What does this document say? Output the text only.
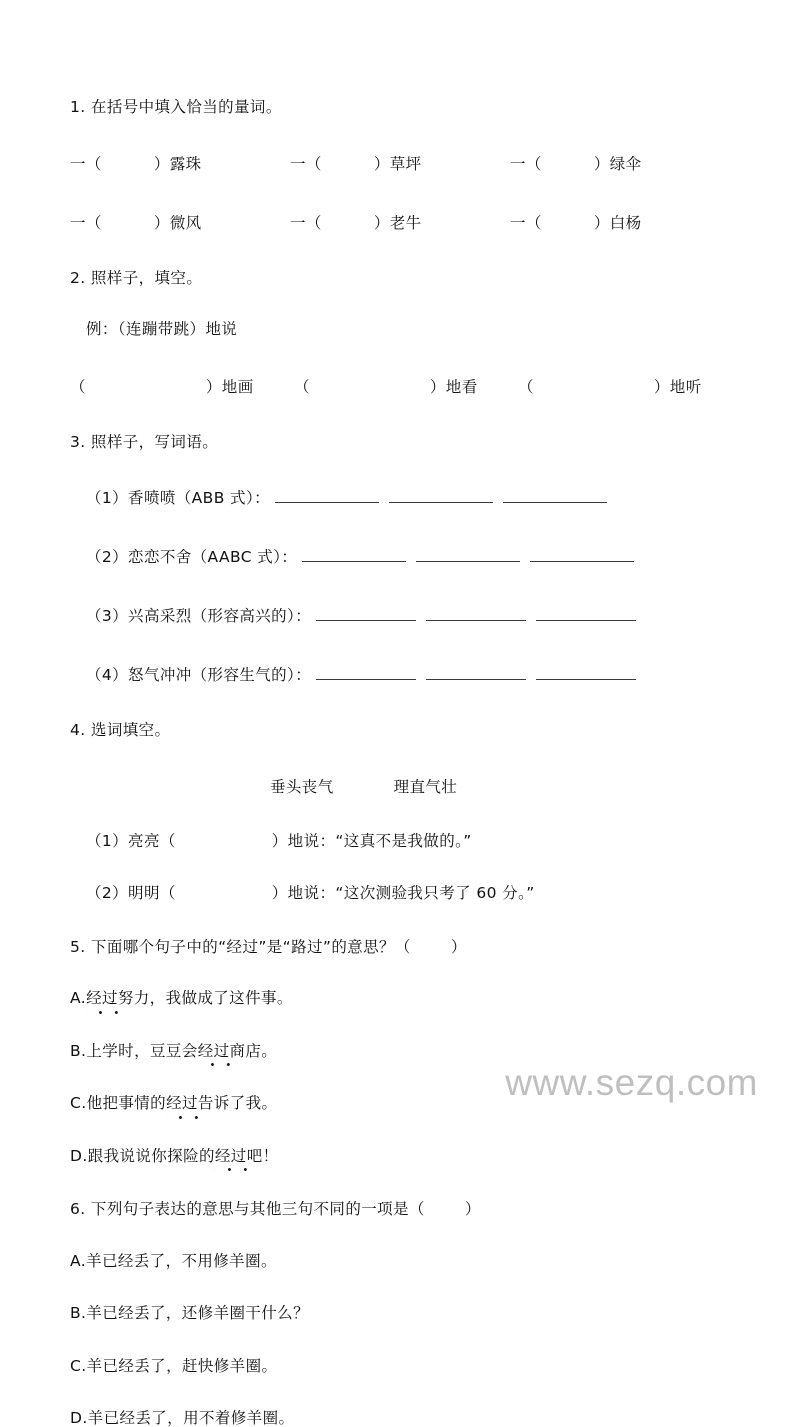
1. 在括号中填入恰当的量词。
一（	）露珠	一（	）草坪	一（	）绿伞
一（	）微风	一（	）老牛	一（	）白杨
2. 照样子，填空。
例：（连蹦带跳）地说
（	）地画	（	）地看	（	）地听
3. 照样子，写词语。
（1）香喷喷（ABB 式）：
（2）恋恋不舍（AABC 式）：
（3）兴高采烈（形容高兴的）：
（4）怒气冲冲（形容生气的）：
4. 选词填空。
垂头丧气	理直气壮
（1）亮亮（	）地说：“这真不是我做的。”
（2）明明（	）地说：“这次测验我只考了 60 分。”
5. 下面哪个句子中的“经过”是“路过”的意思？（	）
A.经过努力，我做成了这件事。
B.上学时，豆豆会经过商店。
C.他把事情的经过告诉了我。
D.跟我说说你探险的经过吧！
6. 下列句子表达的意思与其他三句不同的一项是（	）
A.羊已经丢了，不用修羊圈。
B.羊已经丢了，还修羊圈干什么？
C.羊已经丢了，赶快修羊圈。
D.羊已经丢了，用不着修羊圈。
www.sezq.com
